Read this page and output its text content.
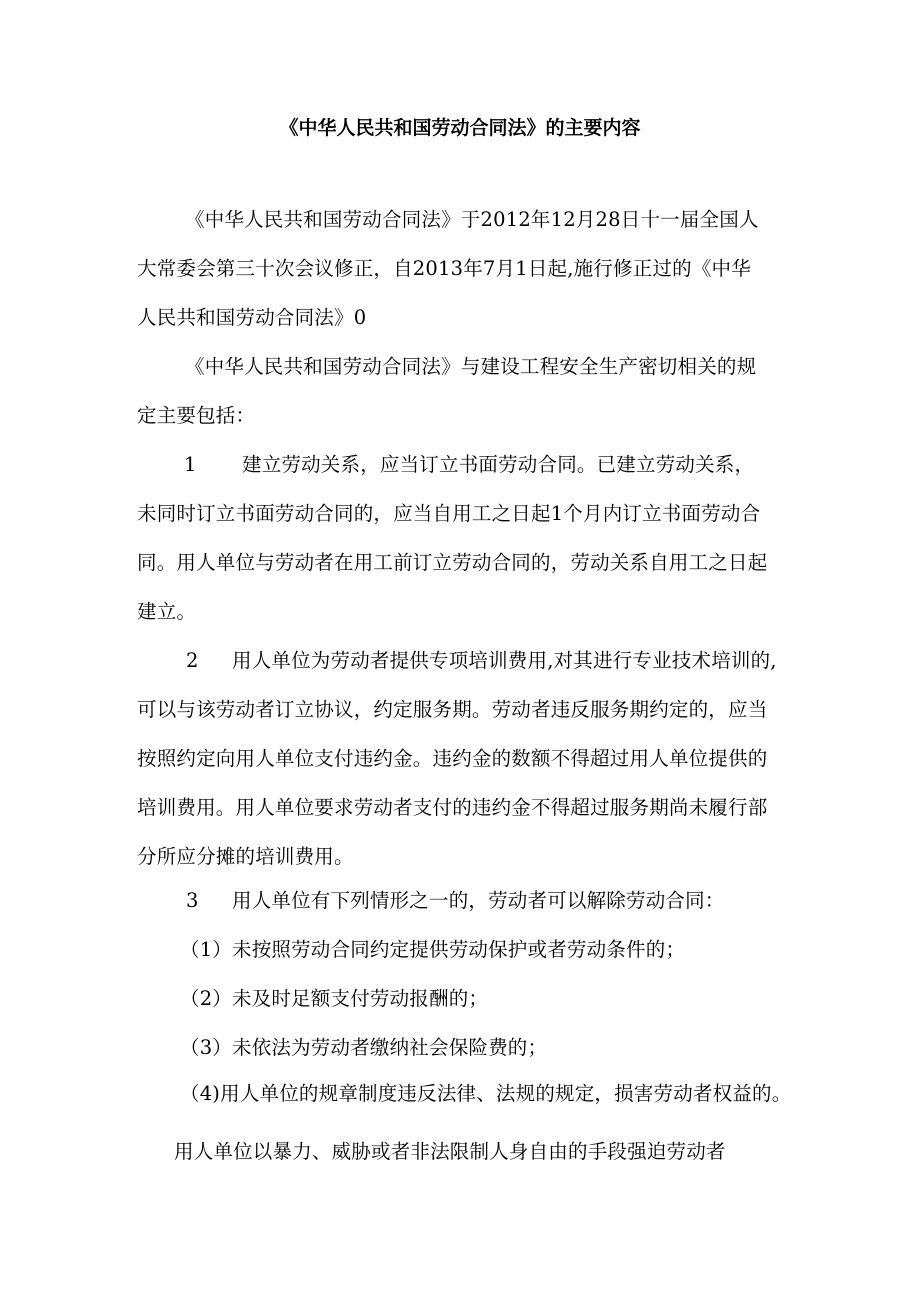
《中华人民共和国劳动合同法》的主要内容
《中华人民共和国劳动合同法》于2012年12月28日十一届全国人
大常委会第三十次会议修正，自2013年7月1日起,施行修正过的《中华
人民共和国劳动合同法》0
《中华人民共和国劳动合同法》与建设工程安全生产密切相关的规
定主要包括：
1 建立劳动关系，应当订立书面劳动合同。已建立劳动关系，
未同时订立书面劳动合同的，应当自用工之日起1个月内订立书面劳动合
同。用人单位与劳动者在用工前订立劳动合同的，劳动关系自用工之日起
建立。
2 用人单位为劳动者提供专项培训费用,对其进行专业技术培训的,
可以与该劳动者订立协议，约定服务期。劳动者违反服务期约定的，应当
按照约定向用人单位支付违约金。违约金的数额不得超过用人单位提供的
培训费用。用人单位要求劳动者支付的违约金不得超过服务期尚未履行部
分所应分摊的培训费用。
3 用人单位有下列情形之一的，劳动者可以解除劳动合同：
（1）未按照劳动合同约定提供劳动保护或者劳动条件的；
（2）未及时足额支付劳动报酬的；
（3）未依法为劳动者缴纳社会保险费的；
（4)用人单位的规章制度违反法律、法规的规定，损害劳动者权益的。
用人单位以暴力、威胁或者非法限制人身自由的手段强迫劳动者
